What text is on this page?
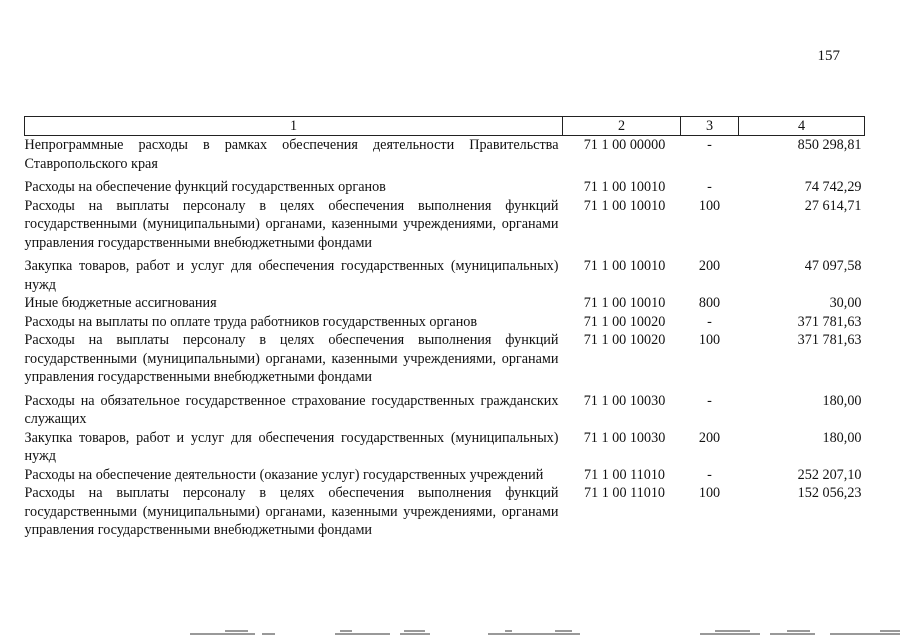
157
1	2	3	4
Непрограммные расходы в рамках обеспечения деятельности Правительства Ставропольского края	71 1 00 00000	-	850 298,81
Расходы на обеспечение функций государственных органов	71 1 00 10010	-	74 742,29
Расходы на выплаты персоналу в целях обеспечения выполнения функций государственными (муниципальными) органами, казенными учреждениями, органами управления государственными внебюджетными фондами	71 1 00 10010	100	27 614,71
Закупка товаров, работ и услуг для обеспечения государственных (муниципальных) нужд	71 1 00 10010	200	47 097,58
Иные бюджетные ассигнования	71 1 00 10010	800	30,00
Расходы на выплаты по оплате труда работников государственных органов	71 1 00 10020	-	371 781,63
Расходы на выплаты персоналу в целях обеспечения выполнения функций государственными (муниципальными) органами, казенными учреждениями, органами управления государственными внебюджетными фондами	71 1 00 10020	100	371 781,63
Расходы на обязательное государственное страхование государственных гражданских служащих	71 1 00 10030	-	180,00
Закупка товаров, работ и услуг для обеспечения государственных (муниципальных) нужд	71 1 00 10030	200	180,00
Расходы на обеспечение деятельности (оказание услуг) государственных учреждений	71 1 00 11010	-	252 207,10
Расходы на выплаты персоналу в целях обеспечения выполнения функций государственными (муниципальными) органами, казенными учреждениями, органами управления государственными внебюджетными фондами	71 1 00 11010	100	152 056,23
